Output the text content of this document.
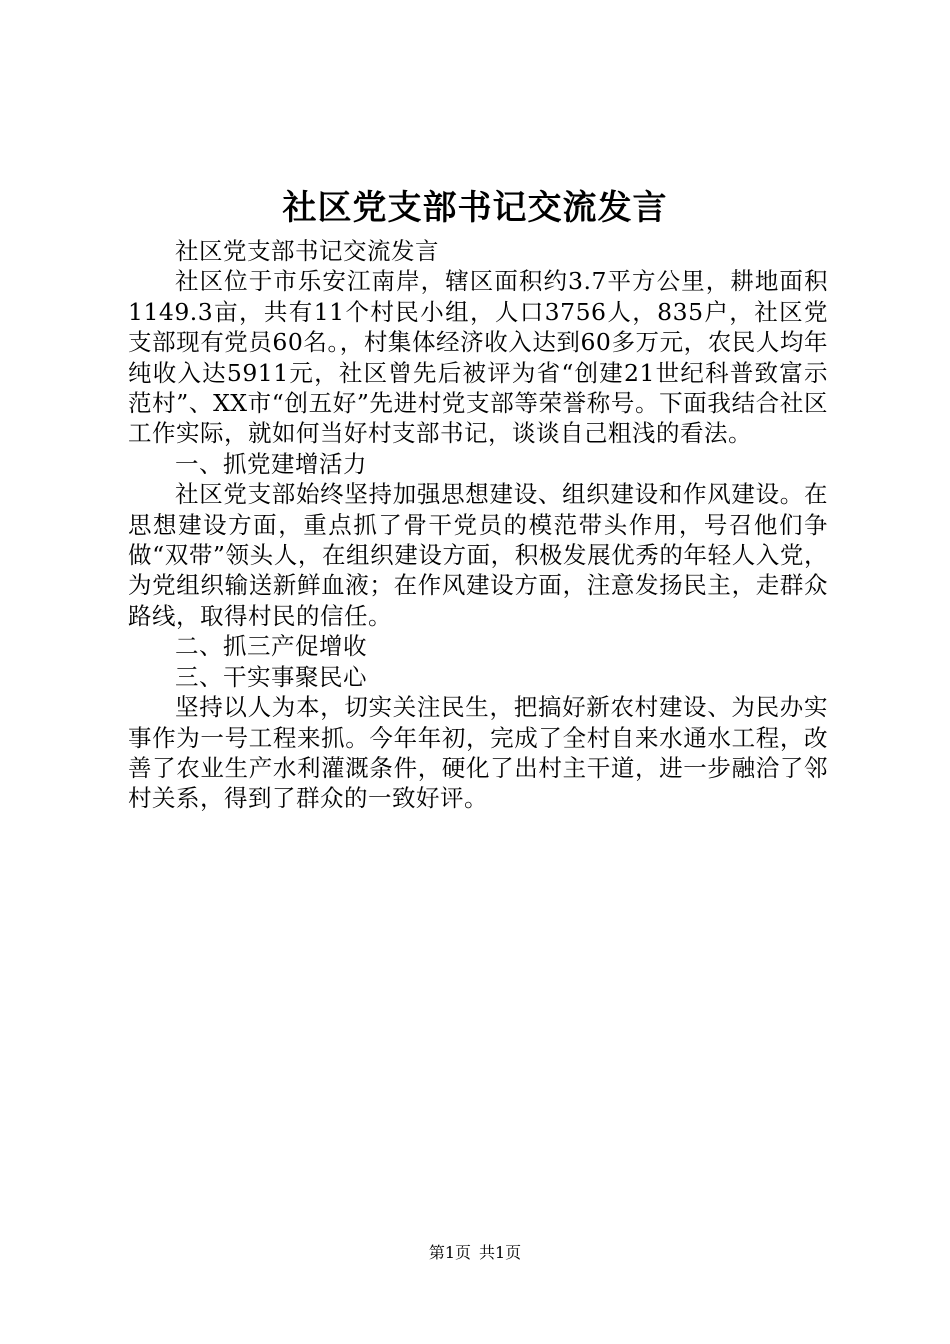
社区党支部书记交流发言

社区党支部书记交流发言

社区位于市乐安江南岸，辖区面积约3.7平方公里，耕地面积1149.3亩，共有11个村民小组，人口3756人，835户，社区党支部现有党员60名。，村集体经济收入达到60多万元，农民人均年纯收入达5911元，社区曾先后被评为省“创建21世纪科普致富示范村”、XX市“创五好”先进村党支部等荣誉称号。下面我结合社区工作实际，就如何当好村支部书记，谈谈自己粗浅的看法。

一、抓党建增活力

社区党支部始终坚持加强思想建设、组织建设和作风建设。在思想建设方面，重点抓了骨干党员的模范带头作用，号召他们争做“双带”领头人，在组织建设方面，积极发展优秀的年轻人入党，为党组织输送新鲜血液；在作风建设方面，注意发扬民主，走群众路线，取得村民的信任。

二、抓三产促增收

三、干实事聚民心

坚持以人为本，切实关注民生，把搞好新农村建设、为民办实事作为一号工程来抓。今年年初，完成了全村自来水通水工程，改善了农业生产水利灌溉条件，硬化了出村主干道，进一步融洽了邻村关系，得到了群众的一致好评。

第1页 共1页
